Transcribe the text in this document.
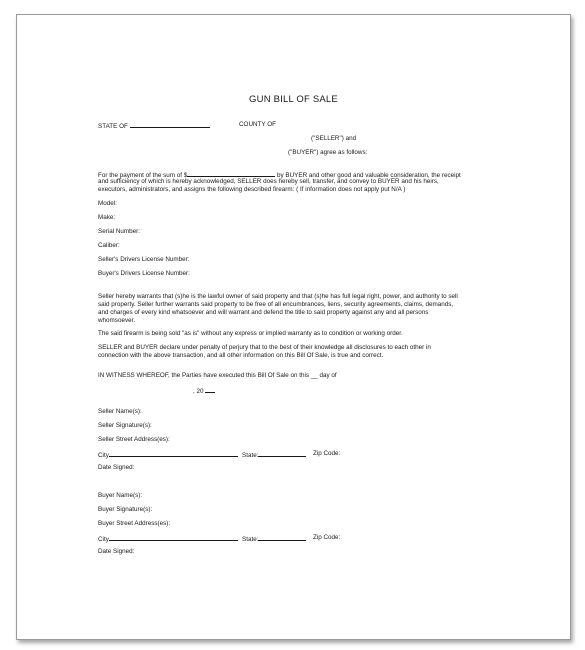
GUN BILL OF SALE
STATE OF	COUNTY OF
("SELLER") and
("BUYER") agree as follows:
For the payment of the sum of $	by BUYER and other good and valuable consideration, the receipt
and sufficiency of which is hereby acknowledged, SELLER does hereby sell, transfer, and convey to BUYER and his heirs,
executors, administrators, and assigns the following described firearm: ( If information does not apply put N/A )
Model:
Make:
Serial Number:
Caliber:
Seller's Drivers License Number:
Buyer's Drivers License Number:
Seller hereby warrants that (s)he is the lawful owner of said property and that (s)he has full legal right, power, and authority to sell
said property. Seller further warrants said property to be free of all encumbrances, liens, security agreements, claims, demands,
and charges of every kind whatsoever and will warrant and defend the title to said property against any and all persons
whomsoever.
The said firearm is being sold "as is" without any express or implied warranty as to condition or working order.
SELLER and BUYER declare under penalty of perjury that to the best of their knowledge all disclosures to each other in
connection with the above transaction, and all other information on this Bill Of Sale, is true and correct.
IN WITNESS WHEREOF, the Parties have executed this Bill Of Sale on this __ day of
, 20
Seller Name(s):
Seller Signature(s):
Seller Street Address(es):
City	State:	Zip Code:
Date Signed:
Buyer Name(s):
Buyer Signature(s):
Buyer Street Address(es):
City	State:	Zip Code:
Date Signed:
